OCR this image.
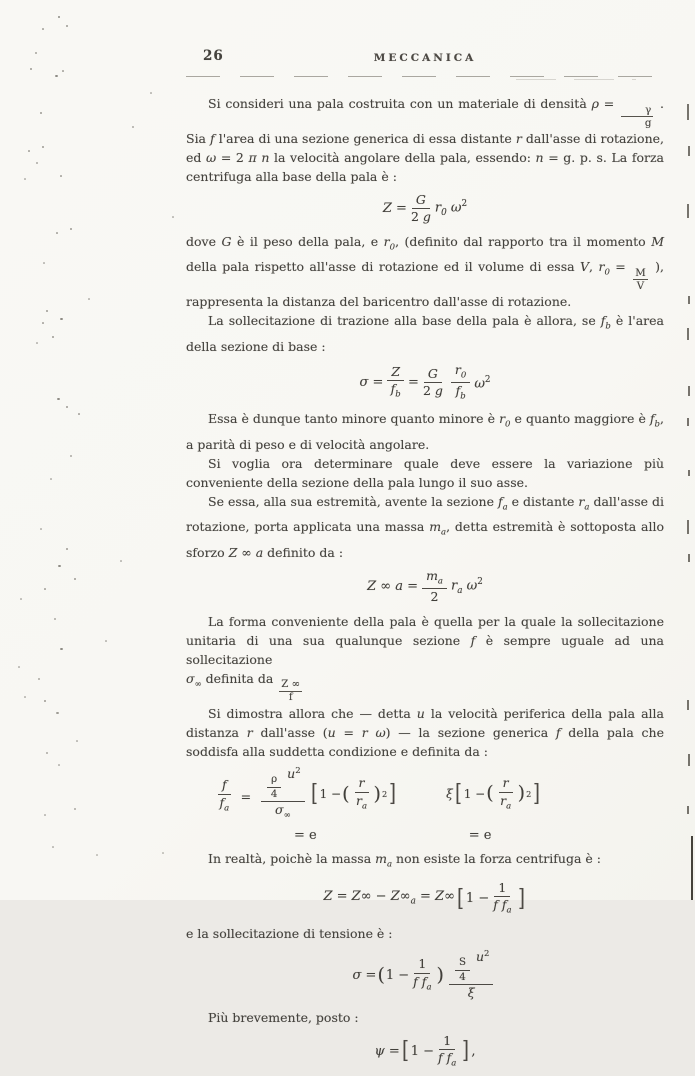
26	MECCANICA

Si consideri una pala costruita con un materiale di densità ρ =
$\frac{\gamma}{g}$
. Sia f l'area di una sezione generica di essa distante r dall'asse di rotazione, ed ω = 2 π n la velocità angolare della pala, essendo: n = g. p. s. La forza centrifuga alla base della pala è :

$Z = \frac{G}{2 g} r_0$ $\omega^2$

dove G è il peso della pala, e $r_0$, (definito dal rapporto tra il momento M della pala rispetto all'asse di rotazione ed il volume di essa V, $r_0$ =
$\frac{M}{V}$
), rappresenta la distanza del baricentro dall'asse di rotazione.

La sollecitazione di trazione alla base della pala è allora, se $f_b$ è l'area della sezione di base :

$\sigma = \frac{Z}{f_b} = \frac{G}{2 g} \frac{r_0}{f_b} \omega^2$

Essa è dunque tanto minore quanto minore è $r_0$ e quanto maggiore è $f_b$, a parità di peso e di velocità angolare.

Si voglia ora determinare quale deve essere la variazione più conveniente della sezione della pala lungo il suo asse.

Se essa, alla sua estremità, avente la sezione $f_a$ e distante $r_a$ dall'asse di rotazione, porta applicata una massa $m_a$, detta estremità è sottoposta allo sforzo Z ∞ a definito da :

Z ∞ $a = \frac{m_a}{2} r_a$ $\omega^2$

La forma conveniente della pala è quella per la quale la sollecitazione unitaria di una sua qualunque sezione f è sempre uguale ad una sollecitazione

$\sigma_\infty$ definita da
$\frac{Z \infty}{f}$

Si dimostra allora che — detta u la velocità periferica della pala alla distanza r dall'asse (u = r ω) — la sezione generica f della pala che soddisfa alla suddetta condizione e definita da :

$\frac{f}{f_a} = \frac{\rho}{4}$
$u^2$
$\sigma_\infty$ [ 1 − ( $\frac{r}{r_a}$ ) 2 ]	ξ [ 1 − ( $\frac{r}{r_a}$ ) 2 ]
= e	= e

In realtà, poichè la massa $m_a$ non esiste la forza centrifuga è :

$Z = Z\infty - Z\infty_a = Z\infty$ [ $1 - \frac{1}{f f_a}$ ]

e la sollecitazione di tensione è :

σ = ( $1 - \frac{1}{f f_a}$ ) $\frac{S}{4}$
$u^2$
ξ

Più brevemente, posto :

ψ = [ $1 - \frac{1}{f f_a}$ ] ,
